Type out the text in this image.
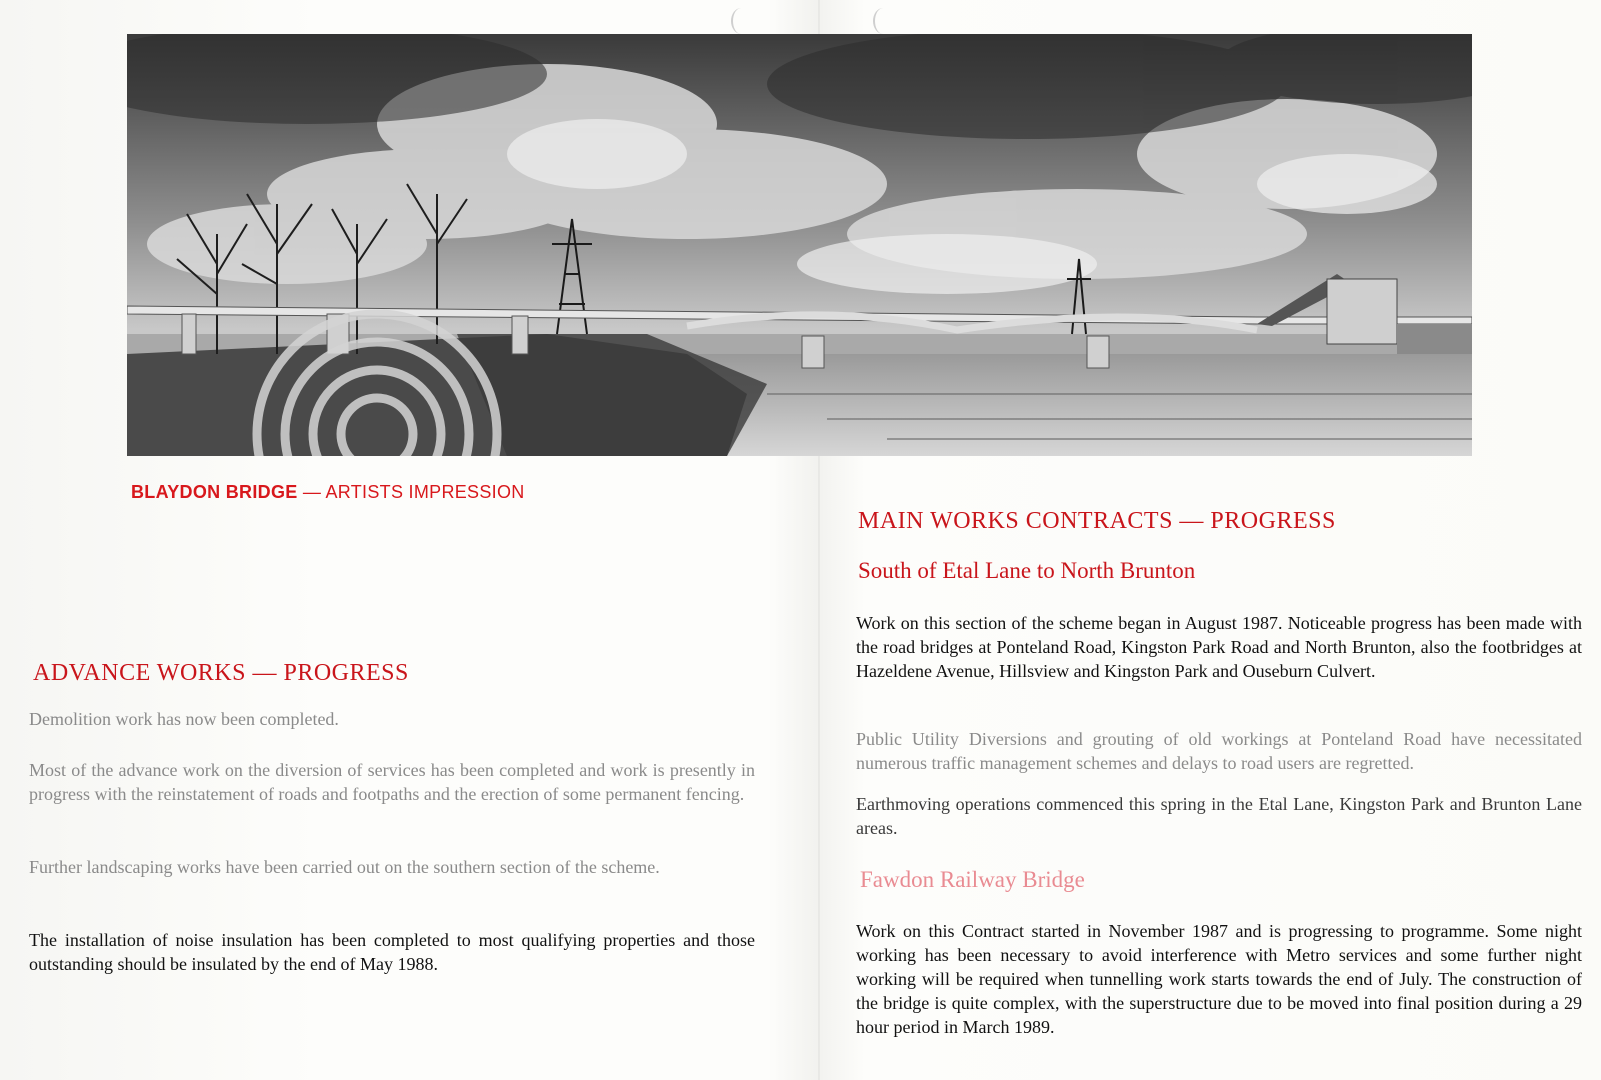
BLAYDON BRIDGE — ARTISTS IMPRESSION
ADVANCE WORKS — PROGRESS

Demolition work has now been completed.

Most of the advance work on the diversion of services has been completed and work is presently in progress with the reinstatement of roads and footpaths and the erection of some permanent fencing.

Further landscaping works have been carried out on the southern section of the scheme.

The installation of noise insulation has been completed to most qualifying properties and those outstanding should be insulated by the end of May 1988.

MAIN WORKS CONTRACTS — PROGRESS
South of Etal Lane to North Brunton

Work on this section of the scheme began in August 1987. Noticeable progress has been made with the road bridges at Ponteland Road, Kingston Park Road and North Brunton, also the footbridges at Hazeldene Avenue, Hillsview and Kingston Park and Ouseburn Culvert.

Public Utility Diversions and grouting of old workings at Ponteland Road have necessitated numerous traffic management schemes and delays to road users are regretted.

Earthmoving operations commenced this spring in the Etal Lane, Kingston Park and Brunton Lane areas.

Fawdon Railway Bridge

Work on this Contract started in November 1987 and is progressing to programme. Some night working has been necessary to avoid interference with Metro services and some further night working will be required when tunnelling work starts towards the end of July. The construction of the bridge is quite complex, with the superstructure due to be moved into final position during a 29 hour period in March 1989.
